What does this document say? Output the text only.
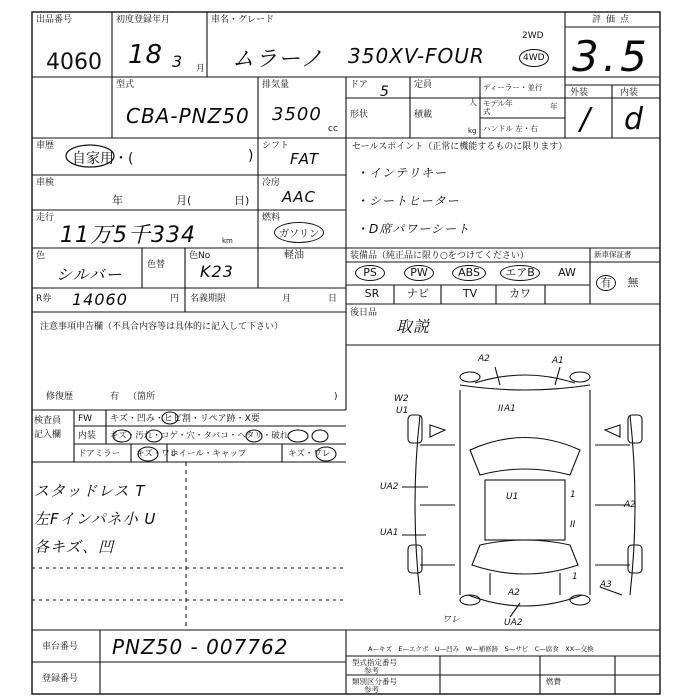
出品番号
4060
初度登録年月
18 3 月
車名・グレード
ムラーノ 350XV-FOUR
2WD
4WD
評価点
3.5
外装	内装
/ d
型式
CBA-PNZ50
排気量
3500
cc
ドア 5	定員
人
形状	積載
kg
ディーラー・並行
モデル年式
年
ハンドル 左・右
車歴
自家用・(	)
車検
年	月(	日)
走行
11万5千334	km
色
シルバー	色替
色No
K23
R券 14060	円 名義期限	月	日
シフト
FAT
冷房
AAC
燃料
ガソリン
軽油
セールスポイント（正常に機能するものに限ります）
・インテリキー
・シートヒーター
・D席パワーシート
装備品（純正品に限り○をつけてください）	新車保証書
PS	PW	ABS	エアB	AW
SR	ナビ	TV	カワ
有	無
後日品
取説
注意事項申告欄（不具合内容等は具体的に記入して下さい）
修復歴	有 （箇所	)
検査員
記入欄
FW キズ・凹み・ヒビ割・リペア跡・X要
内装 キズ・汚れ・コゲ・穴・タバコ・ヘタリ・破れ
ドアミラー キズ・ワレ
ホイール・キャップ	キズ・ワレ
スタッドレス T
左Fインパネ小 U
各キズ、凹
A2	A1
W2
U1	A1
U1
UA2
A2
UA1
II
A3
A2
UA2
ワレ
II
1
1
車台番号 PNZ50 - 007762
登録番号
A—キズ　E—エクボ　U—凹み　W—補修跡　S—サビ　C—腐食　XX—交換
型式指定番号
参考
類別区分番号
参考
燃費
